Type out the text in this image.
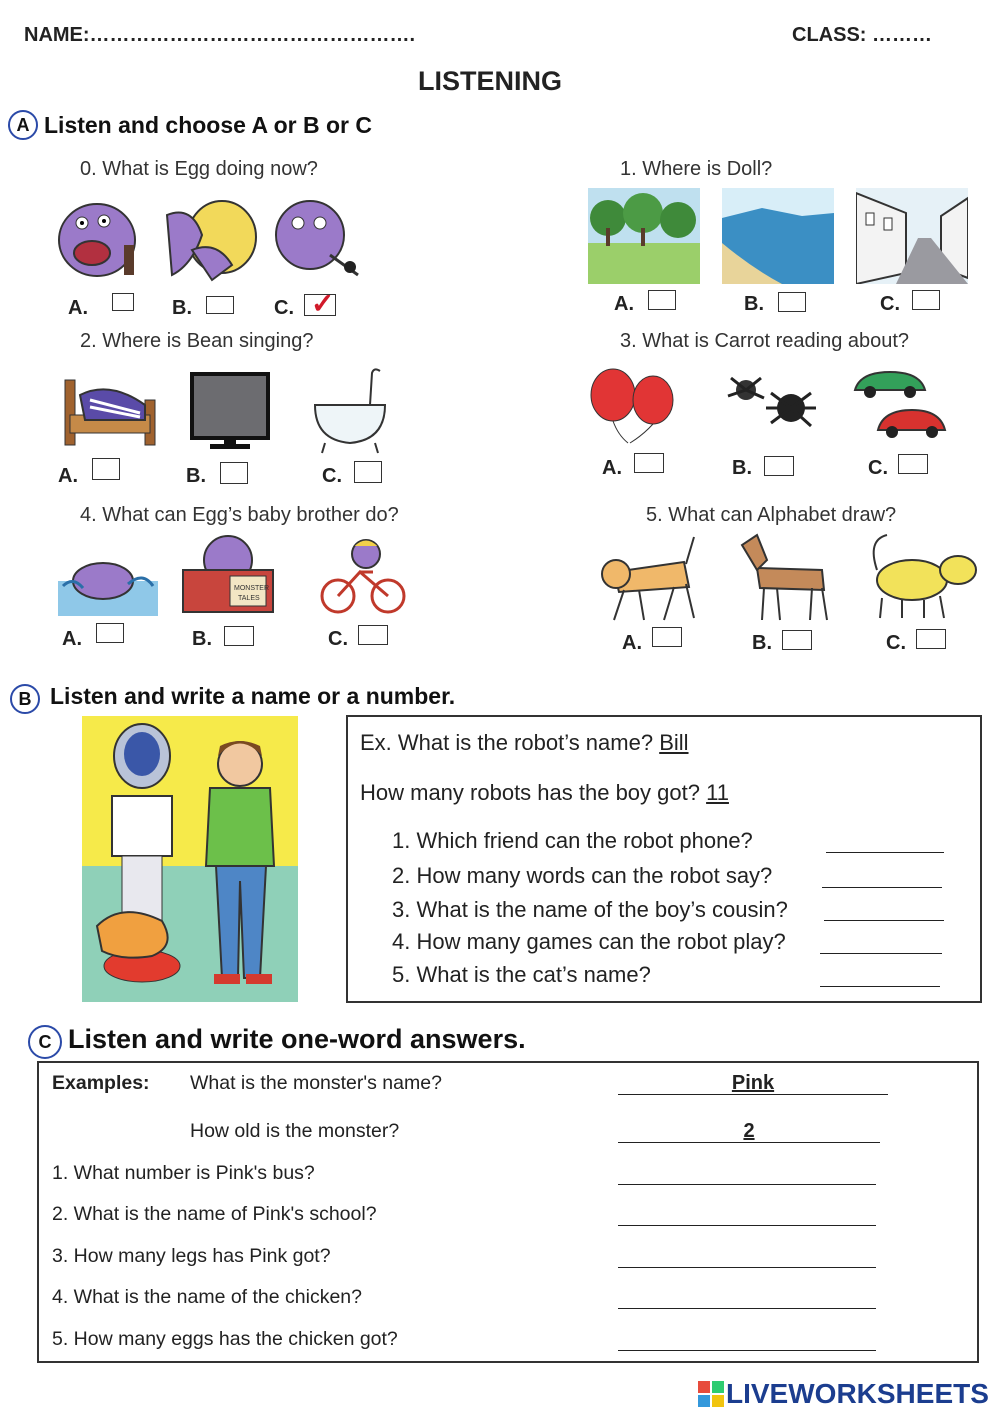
NAME:………………………………………….	CLASS: ………
LISTENING
A Listen and choose A or B or C
0. What is Egg doing now?
A.	B.	C. ✓
1. Where is Doll?
A.	B.	C.
2. Where is Bean singing?
A.	B.	C.
3. What is Carrot reading about?
A.	B.	C.
4. What can Egg’s baby brother do?
MONSTER
TALES
A.	B.	C.
5. What can Alphabet draw?
A.	B.	C.
B Listen and write a name or a number.
Ex. What is the robot’s name? Bill
How many robots has the boy got? 11
1. Which friend can the robot phone?
2. How many words can the robot say?
3. What is the name of the boy’s cousin?
4. How many games can the robot play?
5. What is the cat’s name?
C Listen and write one-word answers.
Examples: What is the monster's name?	Pink
How old is the monster?	2
1. What number is Pink's bus?
2. What is the name of Pink's school?
3. How many legs has Pink got?
4. What is the name of the chicken?
5. How many eggs has the chicken got?
LIVEWORKSHEETS
